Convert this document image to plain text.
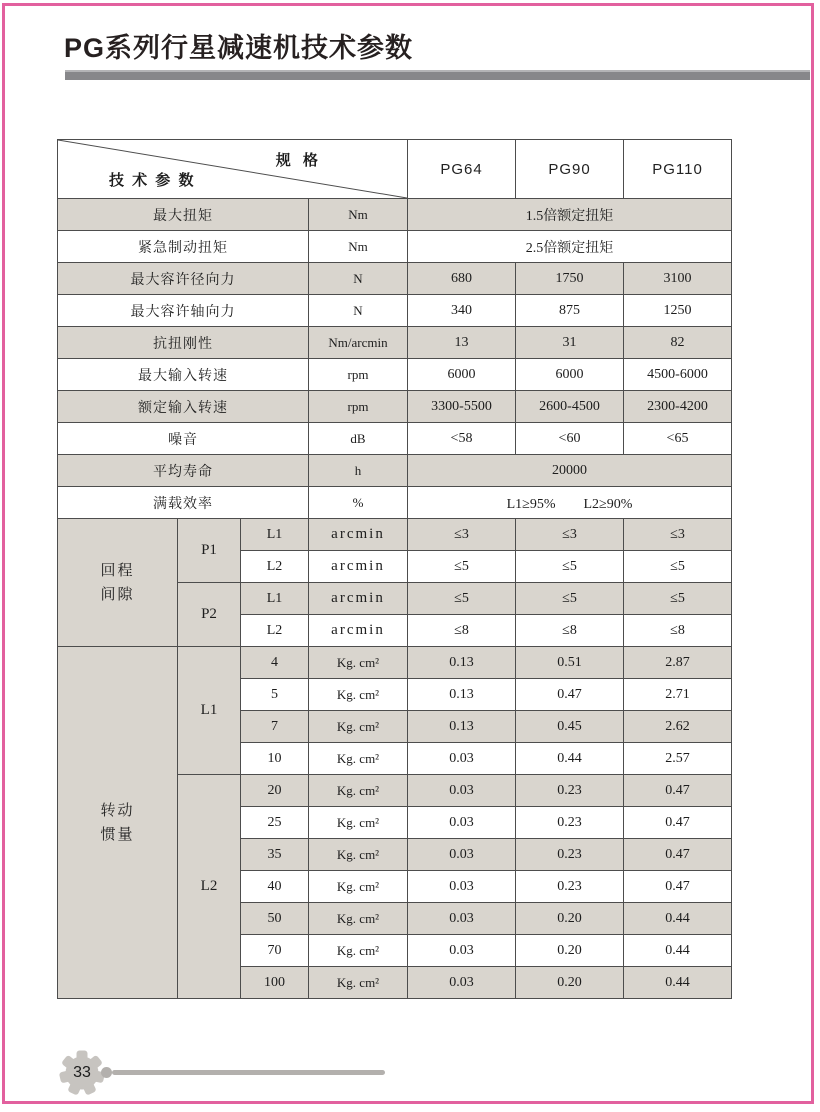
PG系列行星减速机技术参数
规 格
技 术 参 数				PG64	PG90	PG110
最大扭矩			Nm	1.5倍额定扭矩		
紧急制动扭矩			Nm	2.5倍额定扭矩		
最大容许径向力			N	680	1750	3100
最大容许轴向力			N	340	875	1250
抗扭刚性			Nm/arcmin	13	31	82
最大输入转速			rpm	6000	6000	4500-6000
额定输入转速			rpm	3300-5500	2600-4500	2300-4200
噪音			dB	<58	<60	<65
平均寿命			h	20000		
满载效率			%	L1≥95%　　L2≥90%		

回程
间隙	P1	L1	arcmin	≤3	≤3	≤3
		L2	arcmin	≤5	≤5	≤5
	P2	L1	arcmin	≤5	≤5	≤5
		L2	arcmin	≤8	≤8	≤8

转动
惯量	L1	4	Kg. cm²	0.13	0.51	2.87
		5	Kg. cm²	0.13	0.47	2.71
		7	Kg. cm²	0.13	0.45	2.62
		10	Kg. cm²	0.03	0.44	2.57
	L2	20	Kg. cm²	0.03	0.23	0.47
		25	Kg. cm²	0.03	0.23	0.47
		35	Kg. cm²	0.03	0.23	0.47
		40	Kg. cm²	0.03	0.23	0.47
		50	Kg. cm²	0.03	0.20	0.44
		70	Kg. cm²	0.03	0.20	0.44
		100	Kg. cm²	0.03	0.20	0.44
33
